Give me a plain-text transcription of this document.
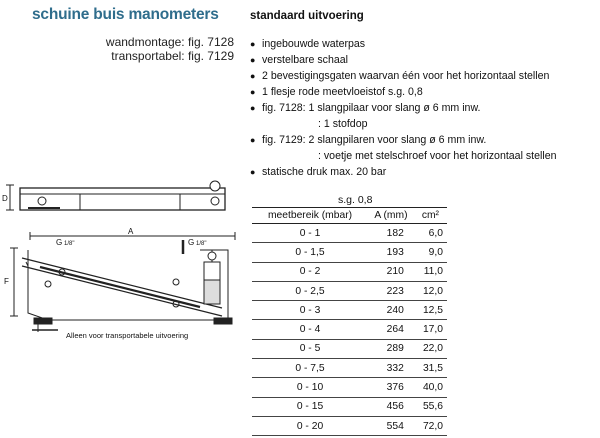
schuine buis manometers	standaard uitvoering
wandmontage: fig. 7128
transportabel: fig. 7129
● ingebouwde waterpas
● verstelbare schaal
● 2 bevestigingsgaten waarvan één voor het horizontaal stellen
● 1 flesje rode meetvloeistof s.g. 0,8
● fig. 7128: 1 slangpilaar voor slang ø 6 mm inw.
: 1 stofdop
● fig. 7129: 2 slangpilaren voor slang ø 6 mm inw.
: voetje met stelschroef voor het horizontaal stellen
● statische druk max. 20 bar
D
A
F
G 1/8"	G 1/8"
Alleen voor transportabele uitvoering
s.g. 0,8
meetbereik (mbar)	A (mm)	cm²
0 - 1	182	6,0
0 - 1,5	193	9,0
0 - 2	210	11,0
0 - 2,5	223	12,0
0 - 3	240	12,5
0 - 4	264	17,0
0 - 5	289	22,0
0 - 7,5	332	31,5
0 - 10	376	40,0
0 - 15	456	55,6
0 - 20	554	72,0
